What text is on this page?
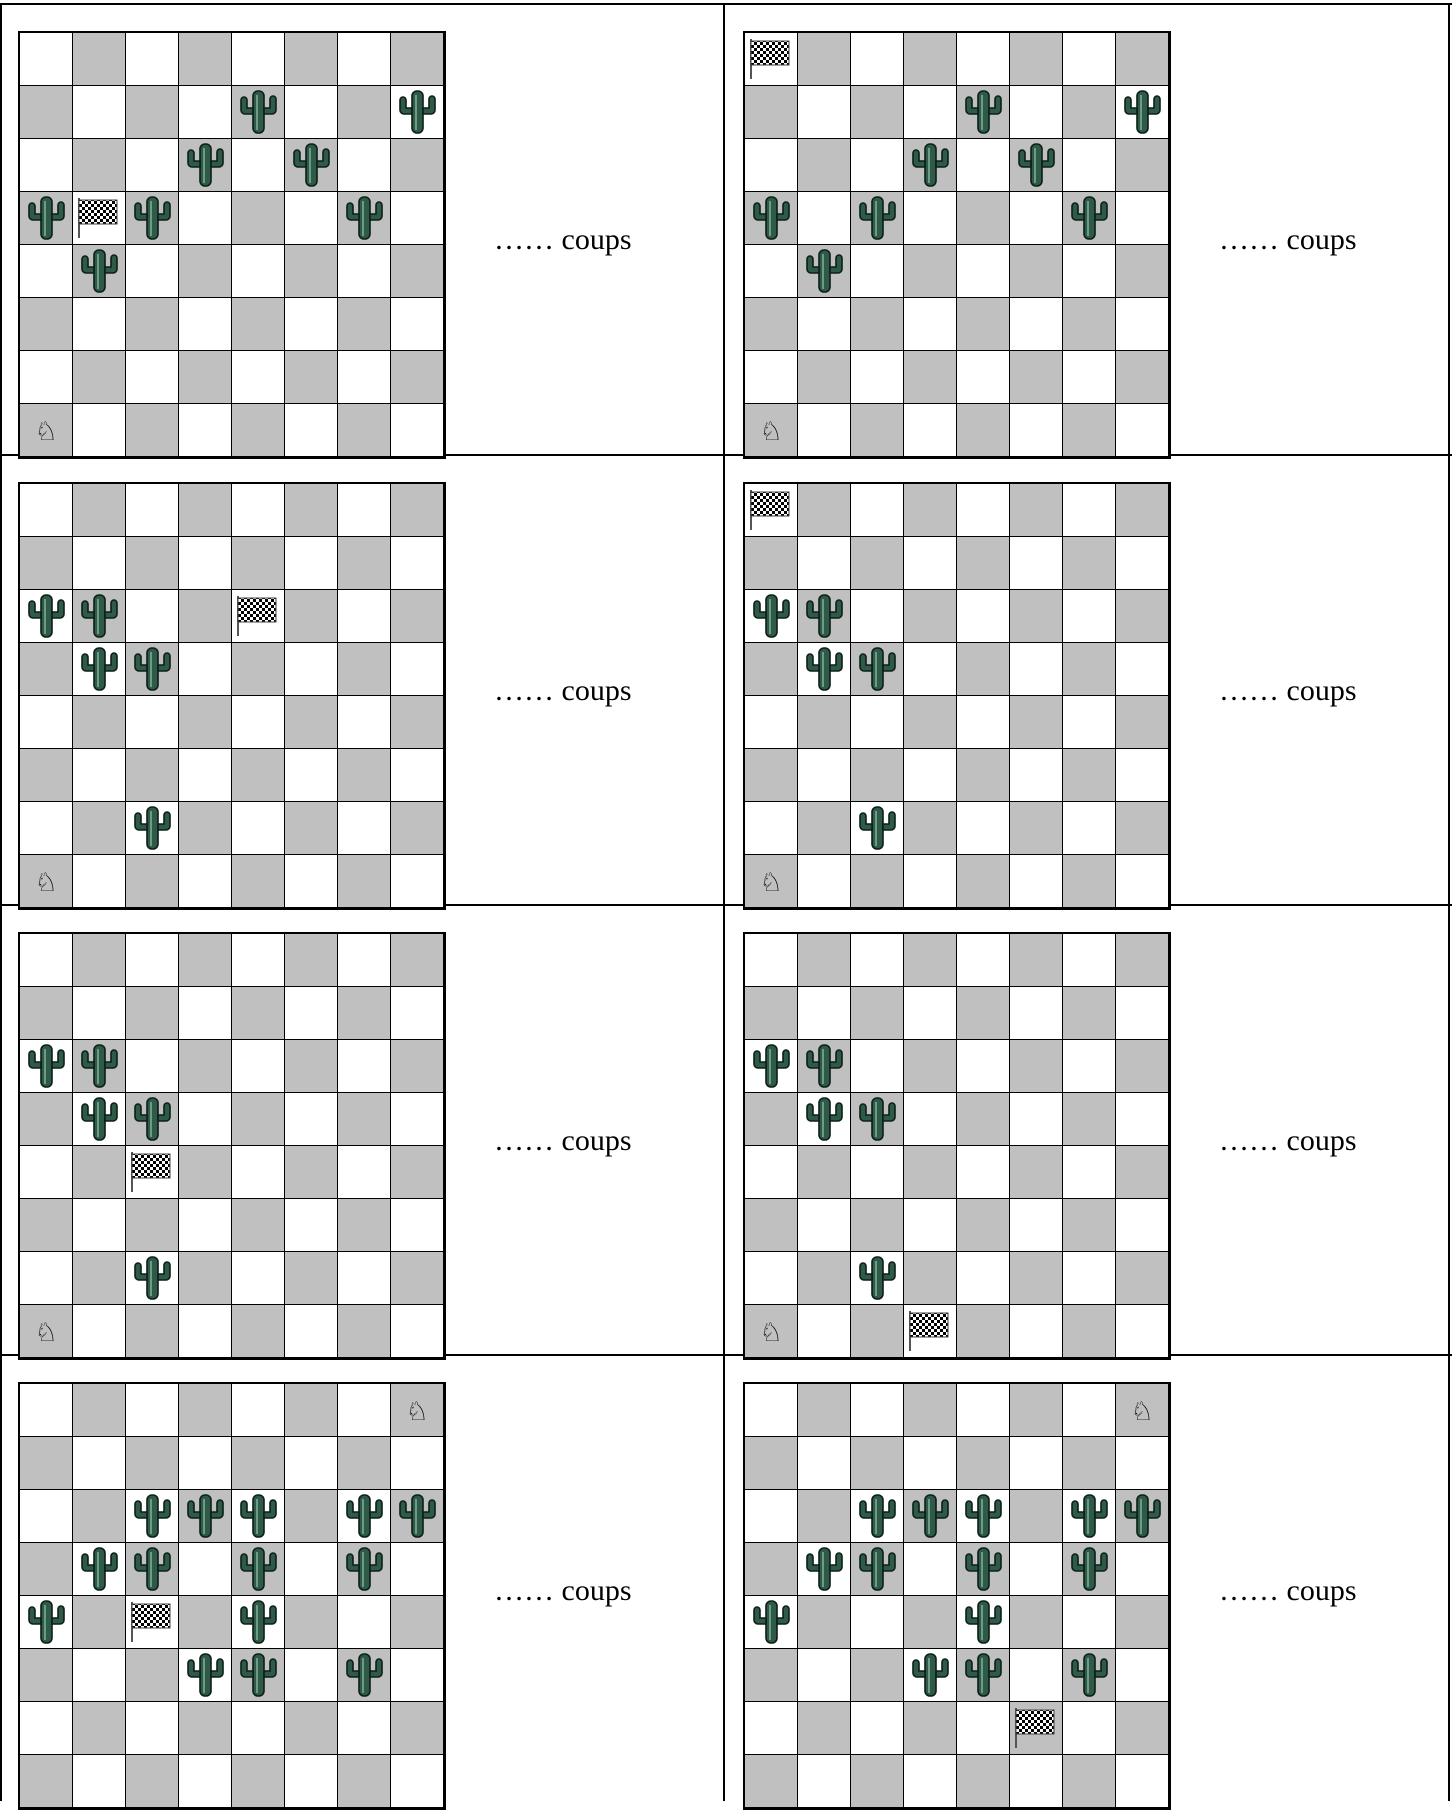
♘
…… coups
♘
…… coups
♘
…… coups
♘
…… coups
♘
…… coups
♘
…… coups
♘
…… coups
♘
…… coups
